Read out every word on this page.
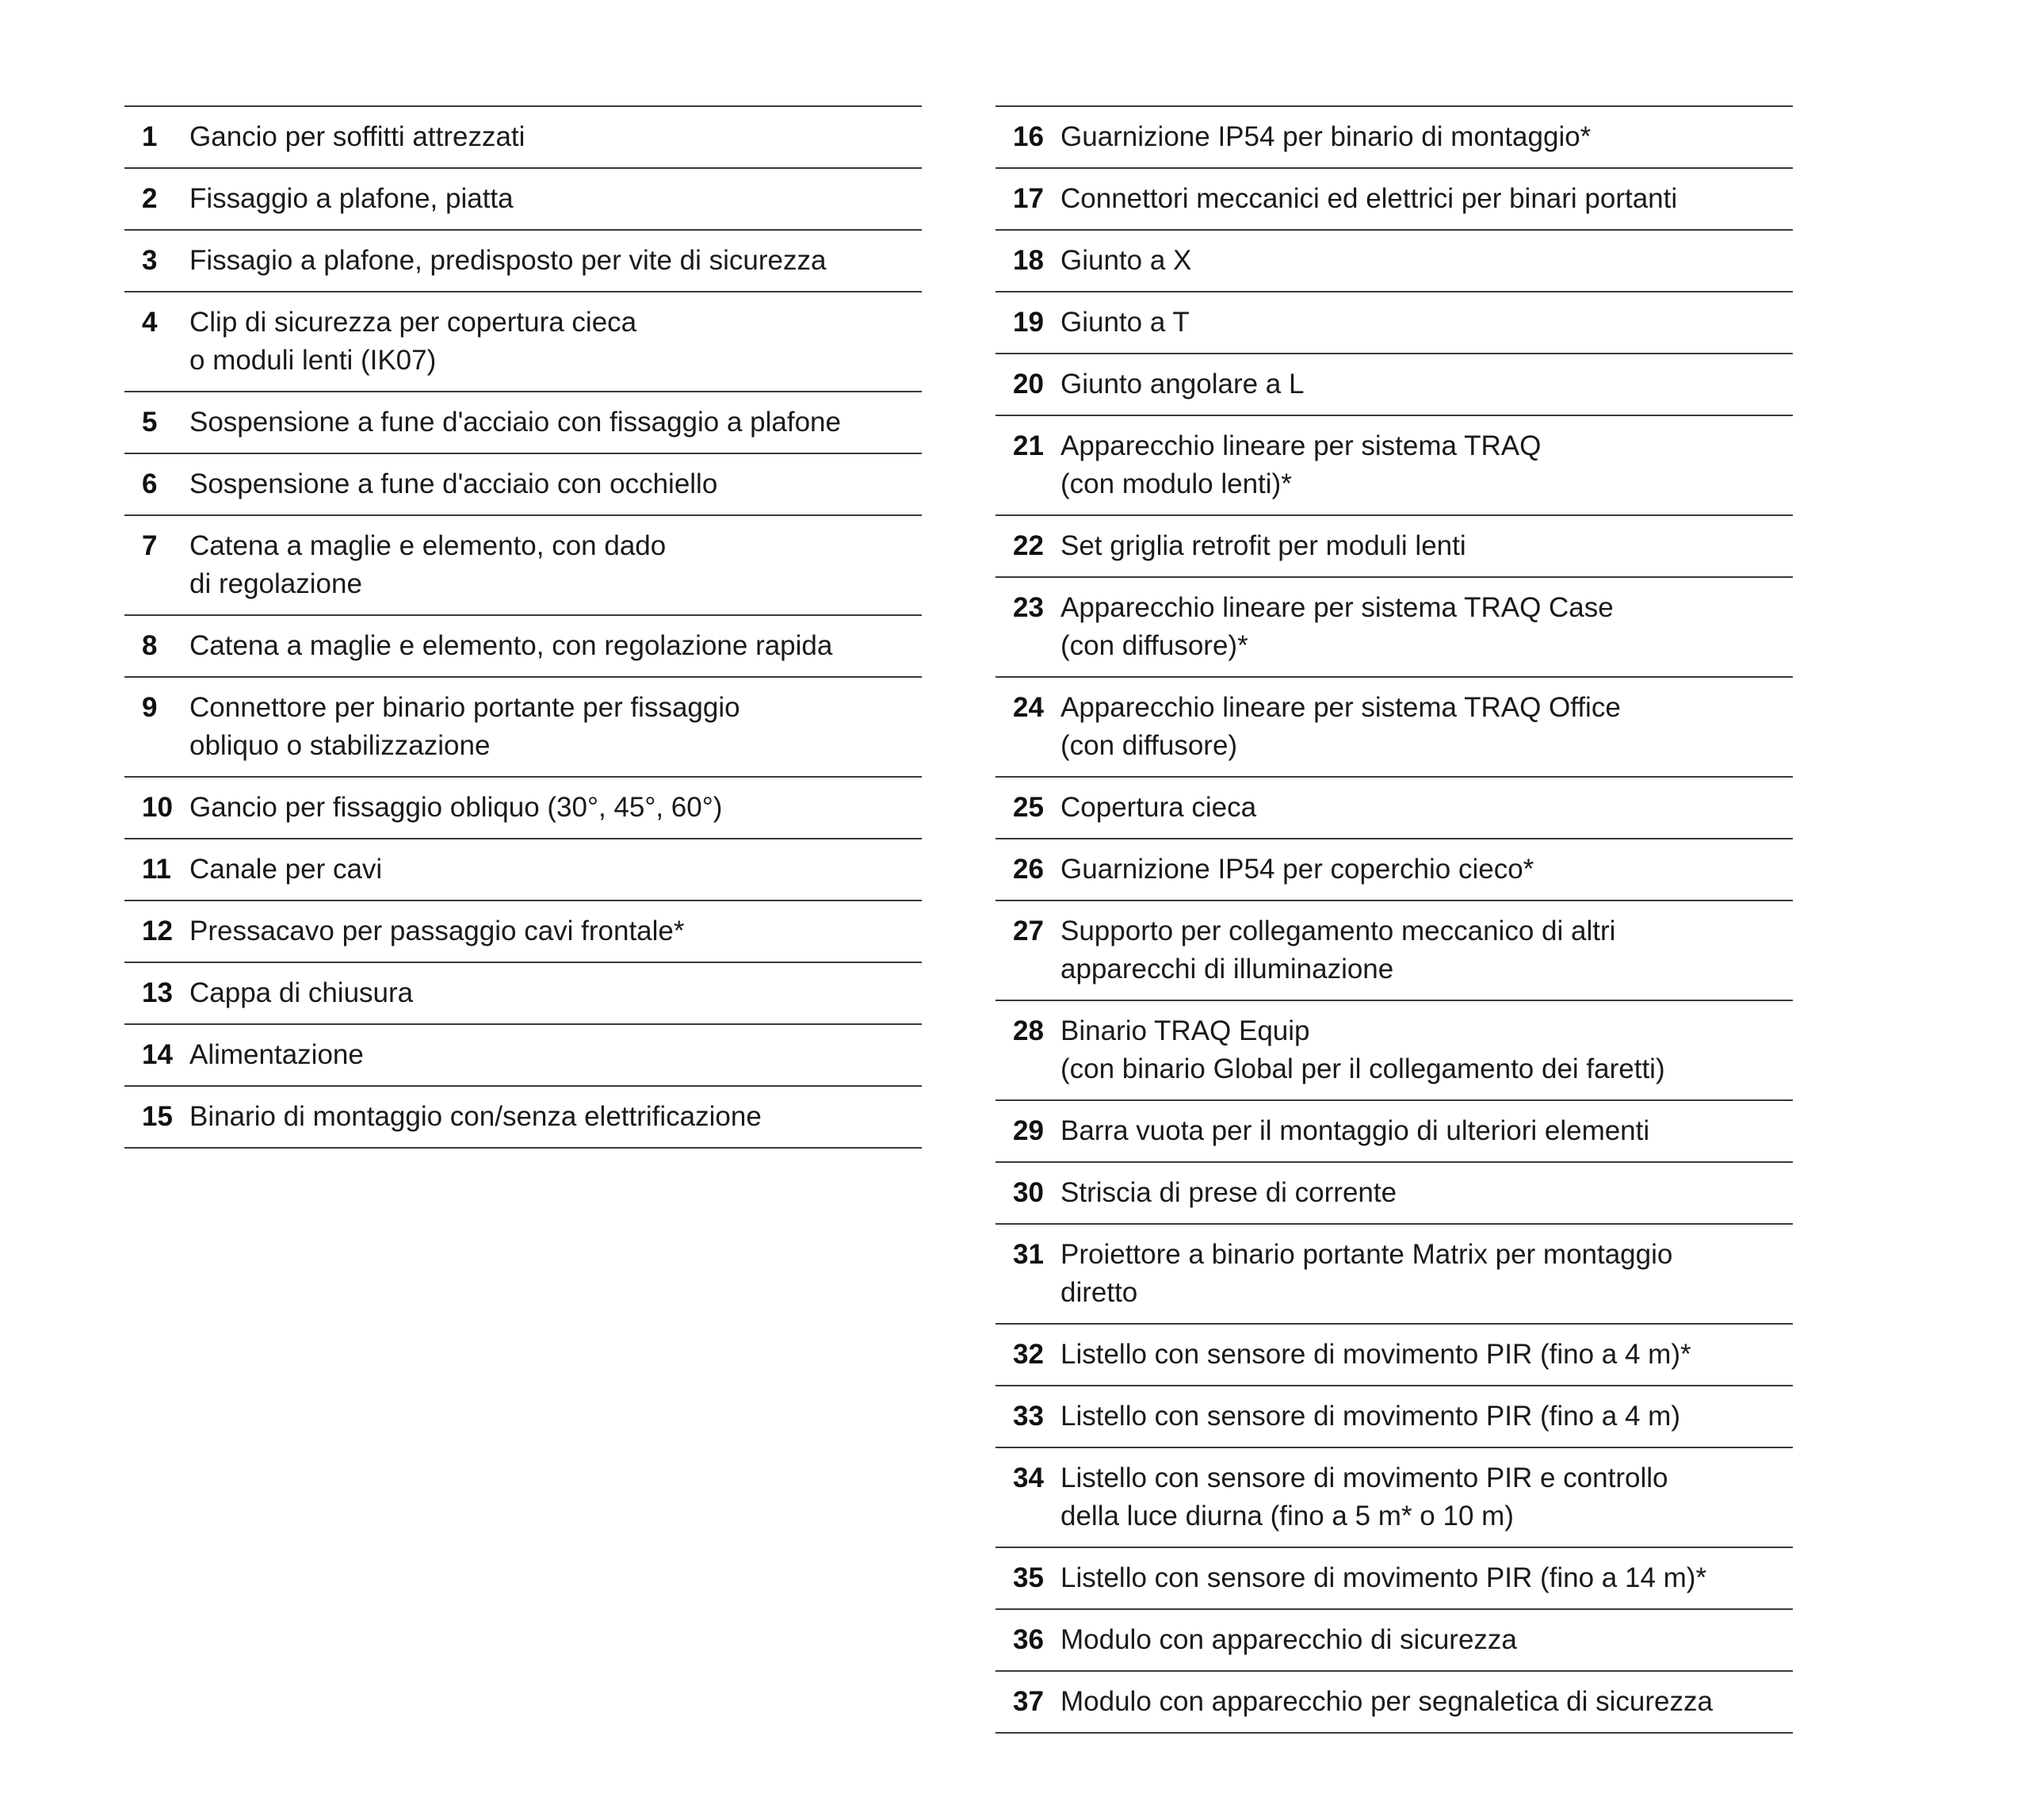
1	Gancio per soffitti attrezzati
2	Fissaggio a plafone, piatta
3	Fissagio a plafone, predisposto per vite di sicurezza
4	Clip di sicurezza per copertura cieca
o moduli lenti (IK07)
5	Sospensione a fune d'acciaio con fissaggio a plafone
6	Sospensione a fune d'acciaio con occhiello
7	Catena a maglie e elemento, con dado
di regolazione
8	Catena a maglie e elemento, con regolazione rapida
9	Connettore per binario portante per fissaggio
obliquo o stabilizzazione
10 Gancio per fissaggio obliquo (30°, 45°, 60°)
11 Canale per cavi
12 Pressacavo per passaggio cavi frontale*
13 Cappa di chiusura
14 Alimentazione
15 Binario di montaggio con/senza elettrificazione
16 Guarnizione IP54 per binario di montaggio*
17 Connettori meccanici ed elettrici per binari portanti
18 Giunto a X
19 Giunto a T
20 Giunto angolare a L
21 Apparecchio lineare per sistema TRAQ
(con modulo lenti)*
22 Set griglia retrofit per moduli lenti
23 Apparecchio lineare per sistema TRAQ Case
(con diffusore)*
24 Apparecchio lineare per sistema TRAQ Office
(con diffusore)
25 Copertura cieca
26 Guarnizione IP54 per coperchio cieco*
27 Supporto per collegamento meccanico di altri
apparecchi di illuminazione
28 Binario TRAQ Equip
(con binario Global per il collegamento dei faretti)
29 Barra vuota per il montaggio di ulteriori elementi
30 Striscia di prese di corrente
31 Proiettore a binario portante Matrix per montaggio
diretto
32 Listello con sensore di movimento PIR (fino a 4 m)*
33 Listello con sensore di movimento PIR (fino a 4 m)
34 Listello con sensore di movimento PIR e controllo
della luce diurna (fino a 5 m* o 10 m)
35 Listello con sensore di movimento PIR (fino a 14 m)*
36 Modulo con apparecchio di sicurezza
37 Modulo con apparecchio per segnaletica di sicurezza
